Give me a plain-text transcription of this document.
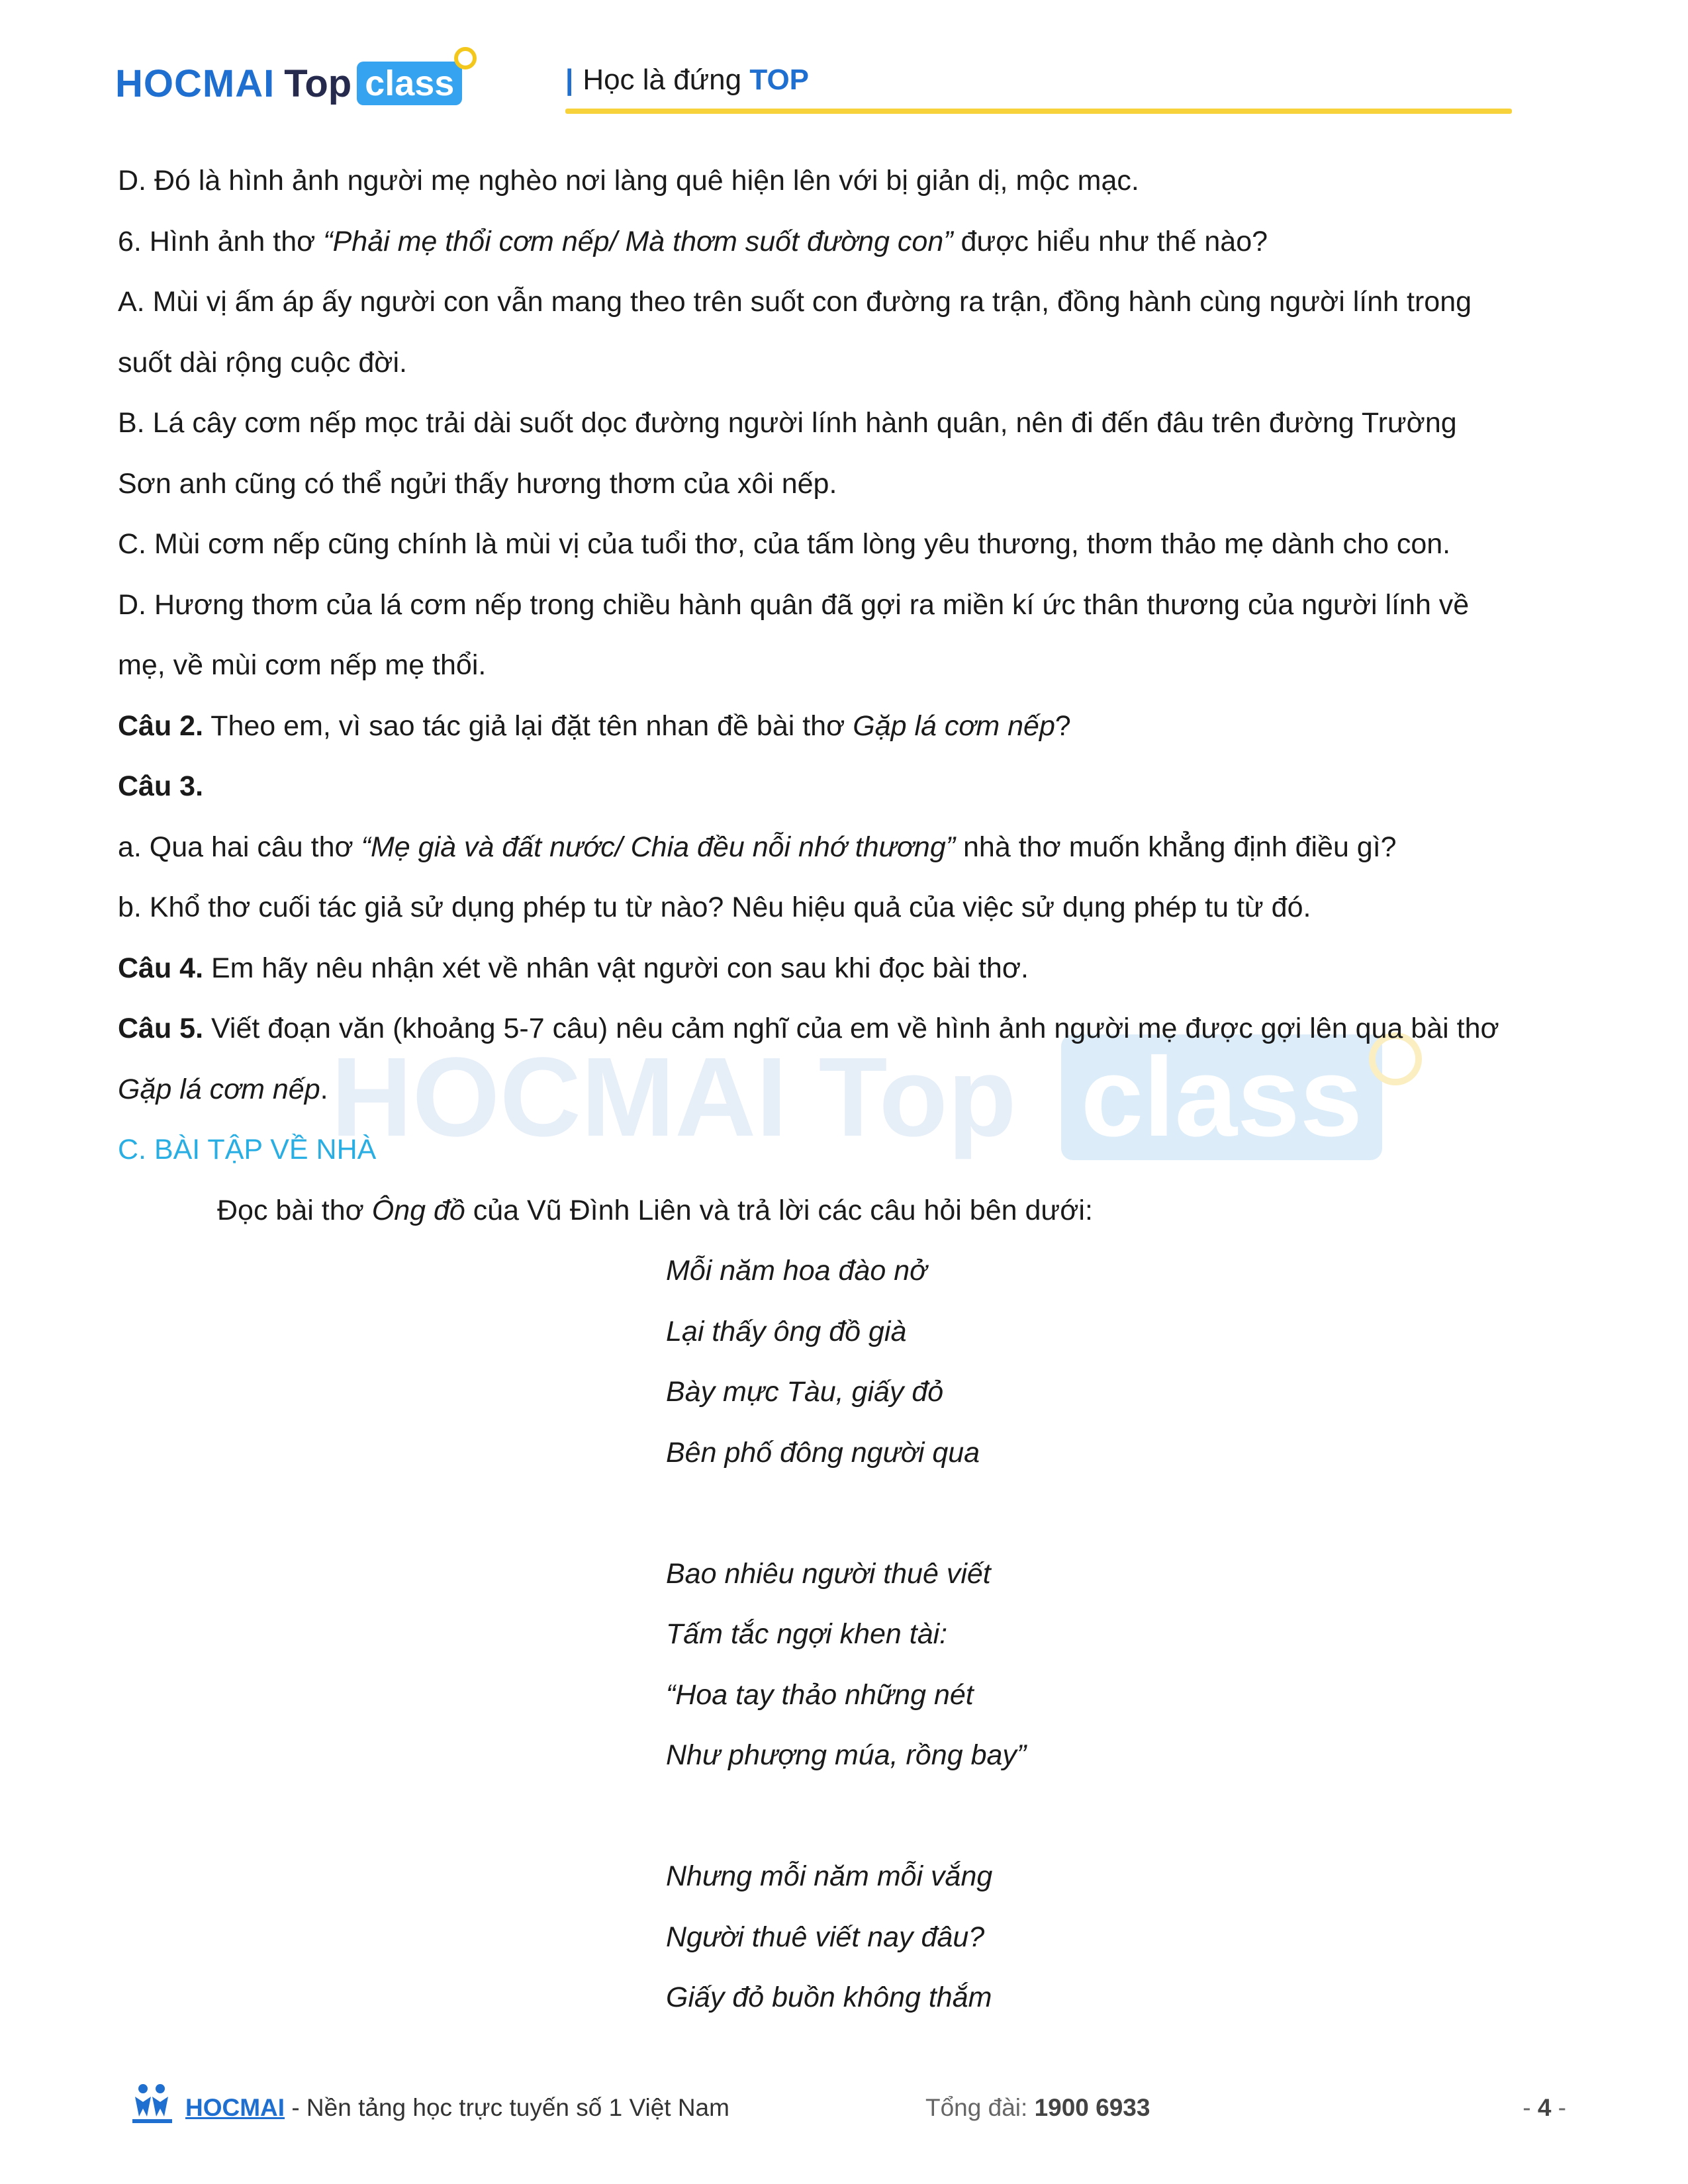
HOCMAI Top class	| Học là đứng TOP
HOCMAI Top class

D. Đó là hình ảnh người mẹ nghèo nơi làng quê hiện lên với bị giản dị, mộc mạc.

6. Hình ảnh thơ “Phải mẹ thổi cơm nếp/ Mà thơm suốt đường con” được hiểu như thế nào?

A. Mùi vị ấm áp ấy người con vẫn mang theo trên suốt con đường ra trận, đồng hành cùng người lính trong

suốt dài rộng cuộc đời.

B. Lá cây cơm nếp mọc trải dài suốt dọc đường người lính hành quân, nên đi đến đâu trên đường Trường

Sơn anh cũng có thể ngửi thấy hương thơm của xôi nếp.

C. Mùi cơm nếp cũng chính là mùi vị của tuổi thơ, của tấm lòng yêu thương, thơm thảo mẹ dành cho con.

D. Hương thơm của lá cơm nếp trong chiều hành quân đã gợi ra miền kí ức thân thương của người lính về

mẹ, về mùi cơm nếp mẹ thổi.

Câu 2. Theo em, vì sao tác giả lại đặt tên nhan đề bài thơ Gặp lá cơm nếp?

Câu 3.

a. Qua hai câu thơ “Mẹ già và đất nước/ Chia đều nỗi nhớ thương” nhà thơ muốn khẳng định điều gì?

b. Khổ thơ cuối tác giả sử dụng phép tu từ nào? Nêu hiệu quả của việc sử dụng phép tu từ đó.

Câu 4. Em hãy nêu nhận xét về nhân vật người con sau khi đọc bài thơ.

Câu 5. Viết đoạn văn (khoảng 5-7 câu) nêu cảm nghĩ của em về hình ảnh người mẹ được gợi lên qua bài thơ

Gặp lá cơm nếp.

C. BÀI TẬP VỀ NHÀ

Đọc bài thơ Ông đồ của Vũ Đình Liên và trả lời các câu hỏi bên dưới:

Mỗi năm hoa đào nở

Lại thấy ông đồ già

Bày mực Tàu, giấy đỏ

Bên phố đông người qua

Bao nhiêu người thuê viết

Tấm tắc ngợi khen tài:

“Hoa tay thảo những nét

Như phượng múa, rồng bay”

Nhưng mỗi năm mỗi vắng

Người thuê viết nay đâu?

Giấy đỏ buồn không thắm

HOCMAI - Nền tảng học trực tuyến số 1 Việt Nam	Tổng đài: 1900 6933	- 4 -
